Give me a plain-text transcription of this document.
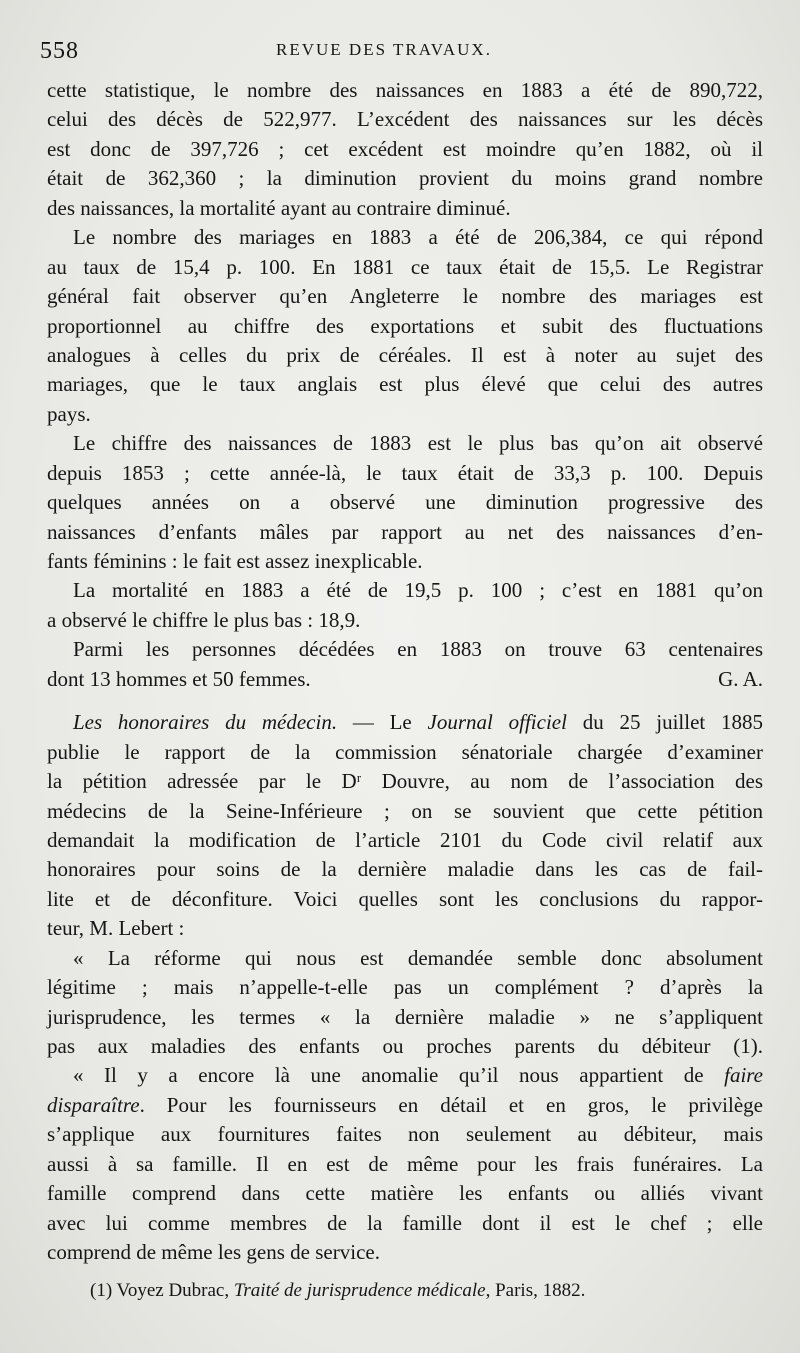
558	REVUE DES TRAVAUX.
cette statistique, le nombre des naissances en 1883 a été de 890,722,
celui des décès de 522,977. L’excédent des naissances sur les décès
est donc de 397,726 ; cet excédent est moindre qu’en 1882, où il
était de 362,360 ; la diminution provient du moins grand nombre
des naissances, la mortalité ayant au contraire diminué.
Le nombre des mariages en 1883 a été de 206,384, ce qui répond
au taux de 15,4 p. 100. En 1881 ce taux était de 15,5. Le Registrar
général fait observer qu’en Angleterre le nombre des mariages est
proportionnel au chiffre des exportations et subit des fluctuations
analogues à celles du prix de céréales. Il est à noter au sujet des
mariages, que le taux anglais est plus élevé que celui des autres
pays.
Le chiffre des naissances de 1883 est le plus bas qu’on ait observé
depuis 1853 ; cette année-là, le taux était de 33,3 p. 100. Depuis
quelques années on a observé une diminution progressive des
naissances d’enfants mâles par rapport au net des naissances d’en-
fants féminins : le fait est assez inexplicable.
La mortalité en 1883 a été de 19,5 p. 100 ; c’est en 1881 qu’on
a observé le chiffre le plus bas : 18,9.
Parmi les personnes décédées en 1883 on trouve 63 centenaires
dont 13 hommes et 50 femmes.	G. A.
Les honoraires du médecin. — Le Journal officiel du 25 juillet 1885
publie le rapport de la commission sénatoriale chargée d’examiner
la pétition adressée par le Dʳ Douvre, au nom de l’association des
médecins de la Seine-Inférieure ; on se souvient que cette pétition
demandait la modification de l’article 2101 du Code civil relatif aux
honoraires pour soins de la dernière maladie dans les cas de fail-
lite et de déconfiture. Voici quelles sont les conclusions du rappor-
teur, M. Lebert :
« La réforme qui nous est demandée semble donc absolument
légitime ; mais n’appelle-t-elle pas un complément ? d’après la
jurisprudence, les termes « la dernière maladie » ne s’appliquent
pas aux maladies des enfants ou proches parents du débiteur (1).
« Il y a encore là une anomalie qu’il nous appartient de faire
disparaître. Pour les fournisseurs en détail et en gros, le privilège
s’applique aux fournitures faites non seulement au débiteur, mais
aussi à sa famille. Il en est de même pour les frais funéraires. La
famille comprend dans cette matière les enfants ou alliés vivant
avec lui comme membres de la famille dont il est le chef ; elle
comprend de même les gens de service.
(1) Voyez Dubrac, Traité de jurisprudence médicale, Paris, 1882.
